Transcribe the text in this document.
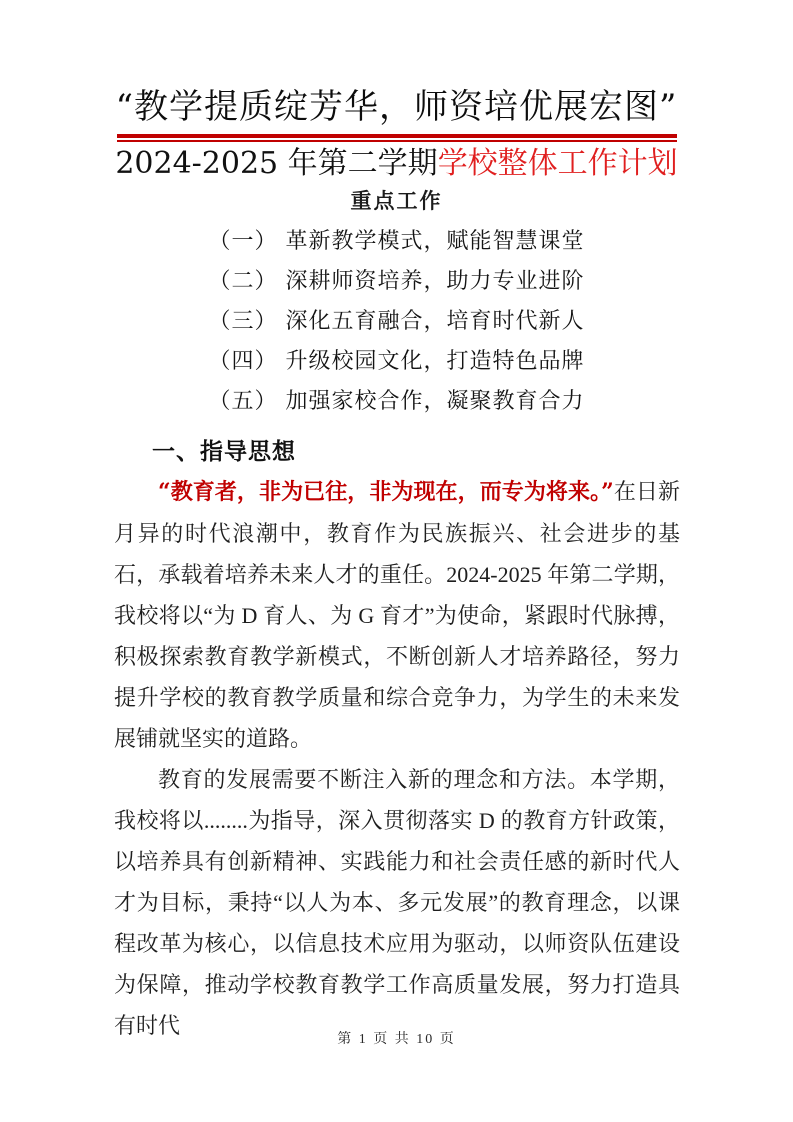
“教学提质绽芳华，师资培优展宏图”
2024-2025 年第二学期学校整体工作计划
重点工作
（一） 革新教学模式，赋能智慧课堂
（二） 深耕师资培养，助力专业进阶
（三） 深化五育融合，培育时代新人
（四） 升级校园文化，打造特色品牌
（五） 加强家校合作，凝聚教育合力
一、指导思想

“教育者，非为已往，非为现在，而专为将来。”在日新月异的时代浪潮中，教育作为民族振兴、社会进步的基石，承载着培养未来人才的重任。2024-2025 年第二学期，我校将以“为 D 育人、为 G 育才”为使命，紧跟时代脉搏，积极探索教育教学新模式，不断创新人才培养路径，努力提升学校的教育教学质量和综合竞争力，为学生的未来发展铺就坚实的道路。

教育的发展需要不断注入新的理念和方法。本学期，我校将以........为指导，深入贯彻落实 D 的教育方针政策，以培养具有创新精神、实践能力和社会责任感的新时代人才为目标，秉持“以人为本、多元发展”的教育理念，以课程改革为核心，以信息技术应用为驱动，以师资队伍建设为保障，推动学校教育教学工作高质量发展，努力打造具有时代

第 1 页 共 10 页
